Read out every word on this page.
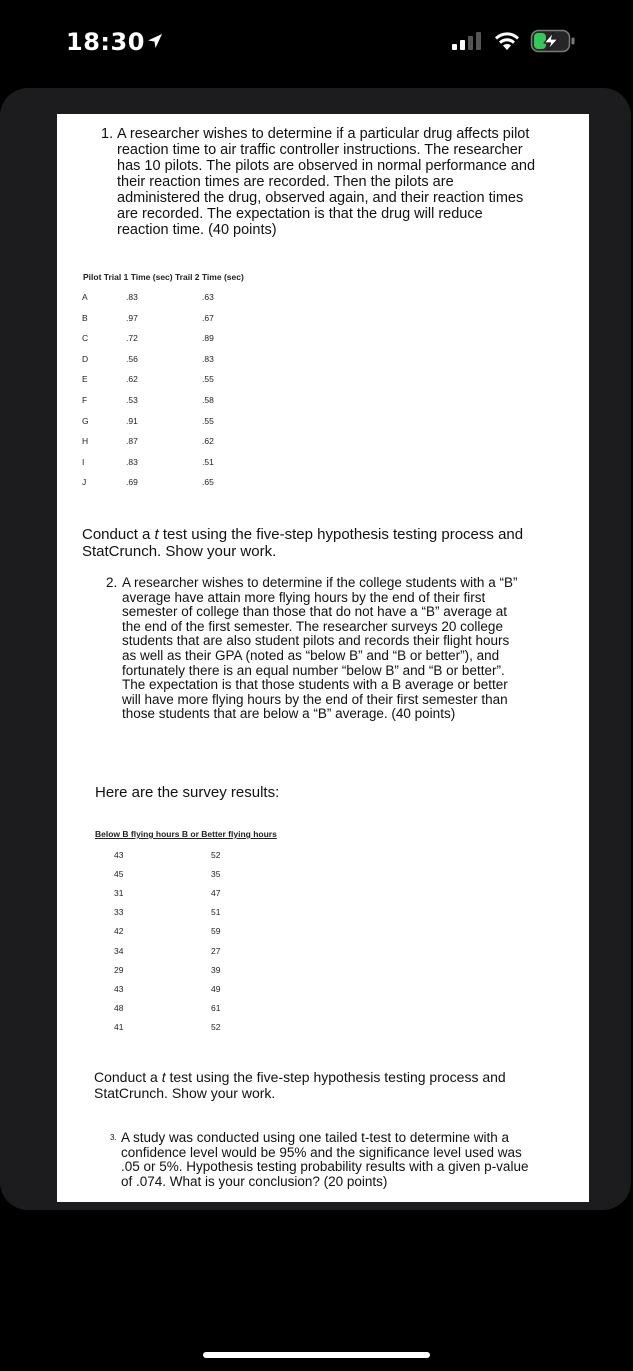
18:30
1. A researcher wishes to determine if a particular drug affects pilot reaction time to air traffic controller instructions. The researcher has 10 pilots. The pilots are observed in normal performance and their reaction times are recorded. Then the pilots are administered the drug, observed again, and their reaction times are recorded. The expectation is that the drug will reduce reaction time. (40 points)
Pilot Trial 1 Time (sec) Trail 2 Time (sec)
A	.83	.63
B	.97	.67
C	.72	.89
D	.56	.83
E	.62	.55
F	.53	.58
G	.91	.55
H	.87	.62
I	.83	.51
J	.69	.65
Conduct a t test using the five-step hypothesis testing process and StatCrunch. Show your work.
2. A researcher wishes to determine if the college students with a “B” average have attain more flying hours by the end of their first semester of college than those that do not have a “B” average at the end of the first semester. The researcher surveys 20 college students that are also student pilots and records their flight hours as well as their GPA (noted as “below B” and “B or better”), and fortunately there is an equal number “below B” and “B or better”. The expectation is that those students with a B average or better will have more flying hours by the end of their first semester than those students that are below a “B” average. (40 points)
Here are the survey results:
Below B flying hours B or Better flying hours
43	52
45	35
31	47
33	51
42	59
34	27
29	39
43	49
48	61
41	52
Conduct a t test using the five-step hypothesis testing process and StatCrunch. Show your work.
3. A study was conducted using one tailed t-test to determine with a confidence level would be 95% and the significance level used was .05 or 5%. Hypothesis testing probability results with a given p-value of .074. What is your conclusion? (20 points)
